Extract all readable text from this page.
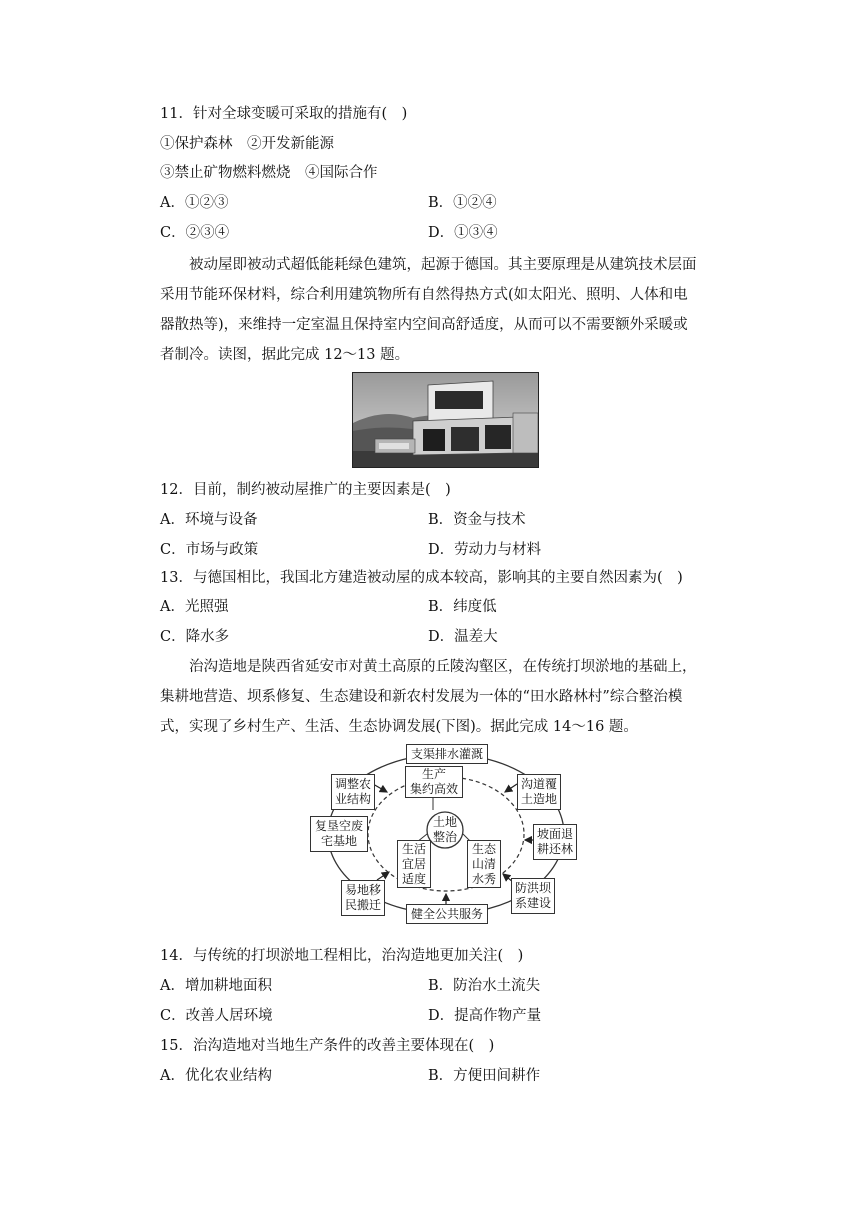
11．针对全球变暖可采取的措施有(　)
①保护森林　②开发新能源
③禁止矿物燃料燃烧　④国际合作
A．①②③	B．①②④
C．②③④	D．①③④
被动屋即被动式超低能耗绿色建筑，起源于德国。其主要原理是从建筑技术层面采用节能环保材料，综合利用建筑物所有自然得热方式(如太阳光、照明、人体和电器散热等)，来维持一定室温且保持室内空间高舒适度，从而可以不需要额外采暖或者制冷。读图，据此完成 12～13 题。
12．目前，制约被动屋推广的主要因素是(　)
A．环境与设备	B．资金与技术
C．市场与政策	D．劳动力与材料
13．与德国相比，我国北方建造被动屋的成本较高，影响其的主要自然因素为(　)
A．光照强	B．纬度低
C．降水多	D．温差大
治沟造地是陕西省延安市对黄土高原的丘陵沟壑区，在传统打坝淤地的基础上，集耕地营造、坝系修复、生态建设和新农村发展为一体的“田水路林村”综合整治模式，实现了乡村生产、生活、生态协调发展(下图)。据此完成 14～16 题。
支渠排水灌溉
调整农
业结构
沟道覆
土造地
复垦空废
宅基地	坡面退
耕还林
易地移
民搬迁
防洪坝
系建设
健全公共服务
生产
集约高效
土地
整治
生活
宜居
适度
生态
山清
水秀
14．与传统的打坝淤地工程相比，治沟造地更加关注(　)
A．增加耕地面积	B．防治水土流失
C．改善人居环境	D．提高作物产量
15．治沟造地对当地生产条件的改善主要体现在(　)
A．优化农业结构	B．方便田间耕作
